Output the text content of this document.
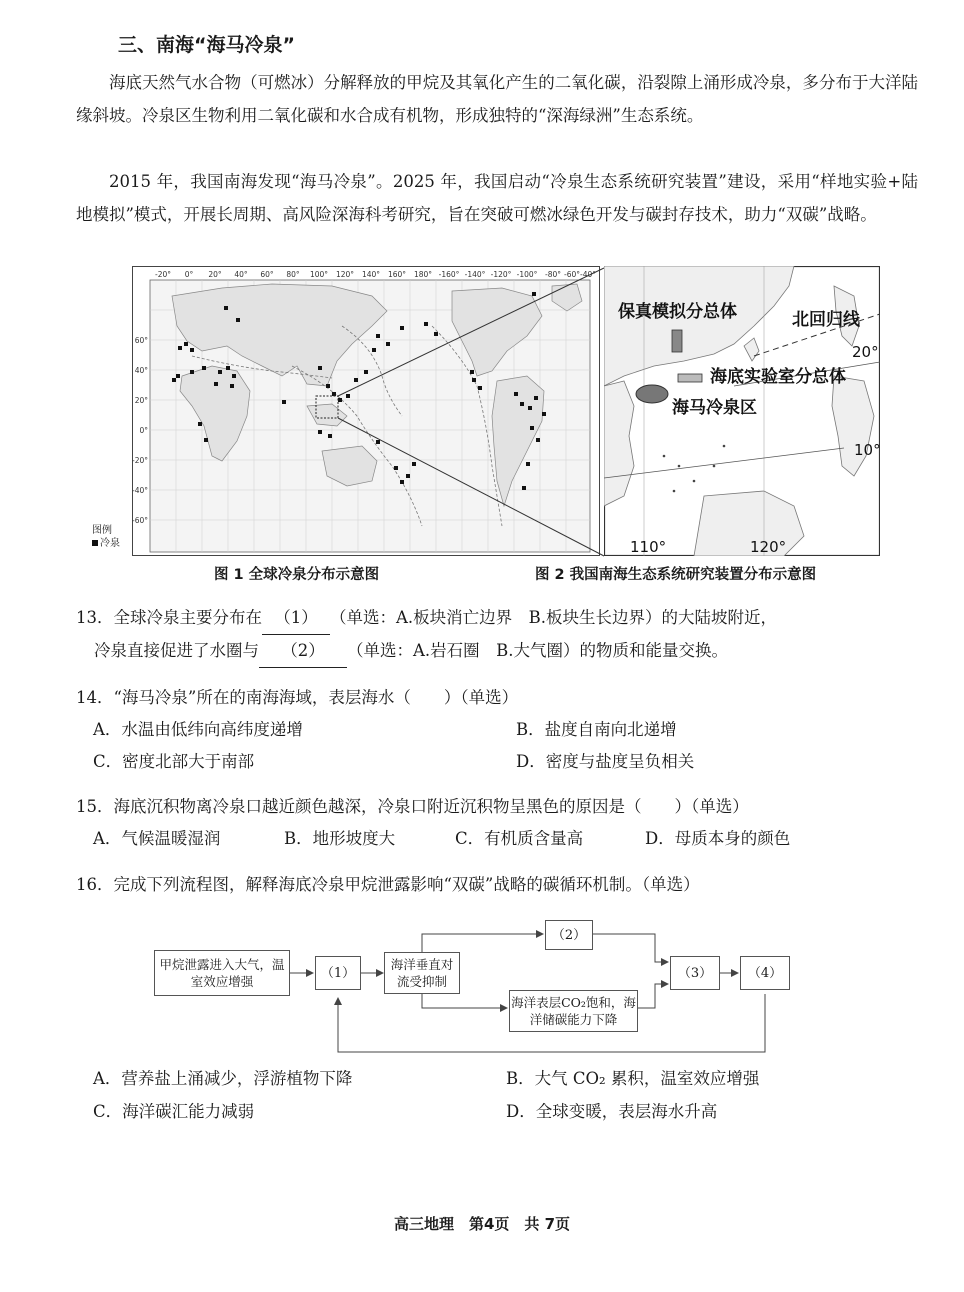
三、南海“海马冷泉”
海底天然气水合物（可燃冰）分解释放的甲烷及其氧化产生的二氧化碳，沿裂隙上涌形成冷泉，多分布于大洋陆缘斜坡。冷泉区生物利用二氧化碳和水合成有机物，形成独特的“深海绿洲”生态系统。
2015 年，我国南海发现“海马冷泉”。2025 年，我国启动“冷泉生态系统研究装置”建设，采用“样地实验+陆地模拟”模式，开展长周期、高风险深海科考研究，旨在突破可燃冰绿色开发与碳封存技术，助力“双碳”战略。
-20° 0° 20° 40° 60° 80° 100° 120° 140° 160° 180° -160° -140° -120° -100° -80° -60° -40°
60°
40°
20°
0°
-20°
-40°
-60°
图例
冷泉
保真模拟分总体	北回归线
海底实验室分总体
海马冷泉区
20°
10°
110°	120°
图 1 全球冷泉分布示意图	图 2 我国南海生态系统研究装置分布示意图
13．全球冷泉主要分布在 （1） （单选：A.板块消亡边界　B.板块生长边界）的大陆坡附近，
冷泉直接促进了水圈与 （2） （单选：A.岩石圈　B.大气圈）的物质和能量交换。
14．“海马冷泉”所在的南海海域，表层海水（　　）（单选）
A．水温由低纬向高纬度递增	B．盐度自南向北递增
C．密度北部大于南部	D．密度与盐度呈负相关
15．海底沉积物离冷泉口越近颜色越深，冷泉口附近沉积物呈黑色的原因是（　　）（单选）
A．气候温暖湿润	B．地形坡度大	C．有机质含量高	D．母质本身的颜色
16．完成下列流程图，解释海底冷泉甲烷泄露影响“双碳”战略的碳循环机制。（单选）
甲烷泄露进入大气，温室效应增强
（1）
海洋垂直对流受抑制
（2）
海洋表层CO₂饱和，海洋储碳能力下降
（3）	（4）
A．营养盐上涌减少，浮游植物下降	B．大气 CO₂ 累积，温室效应增强
C．海洋碳汇能力减弱	D．全球变暖，表层海水升高
高三地理　第4页　共 7页
